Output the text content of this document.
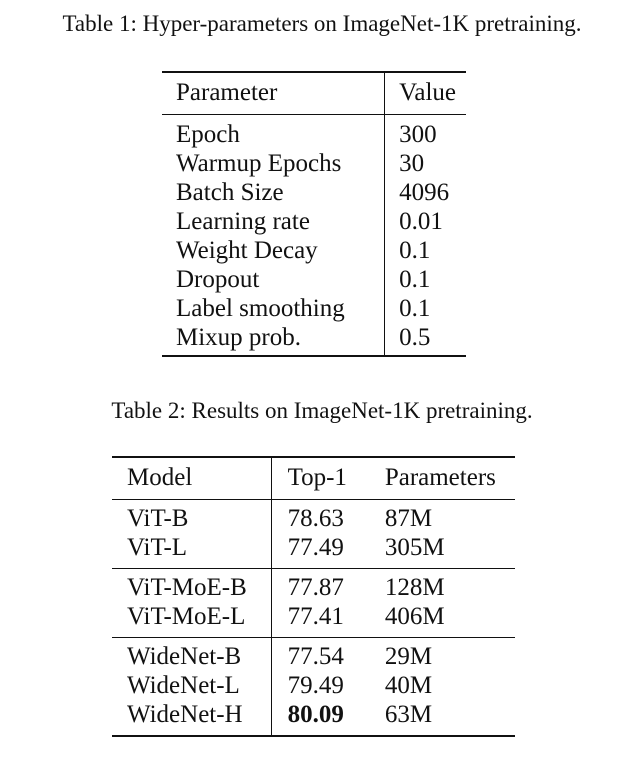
Table 1: Hyper-parameters on ImageNet-1K pretraining.
Parameter	Value
Epoch	300
Warmup Epochs	30
Batch Size	4096
Learning rate	0.01
Weight Decay	0.1
Dropout	0.1
Label smoothing	0.1
Mixup prob.	0.5
Table 2: Results on ImageNet-1K pretraining.
Model	Top-1	Parameters
ViT-B	78.63	87M
ViT-L	77.49	305M
ViT-MoE-B	77.87	128M
ViT-MoE-L	77.41	406M
WideNet-B	77.54	29M
WideNet-L	79.49	40M
WideNet-H	80.09	63M
